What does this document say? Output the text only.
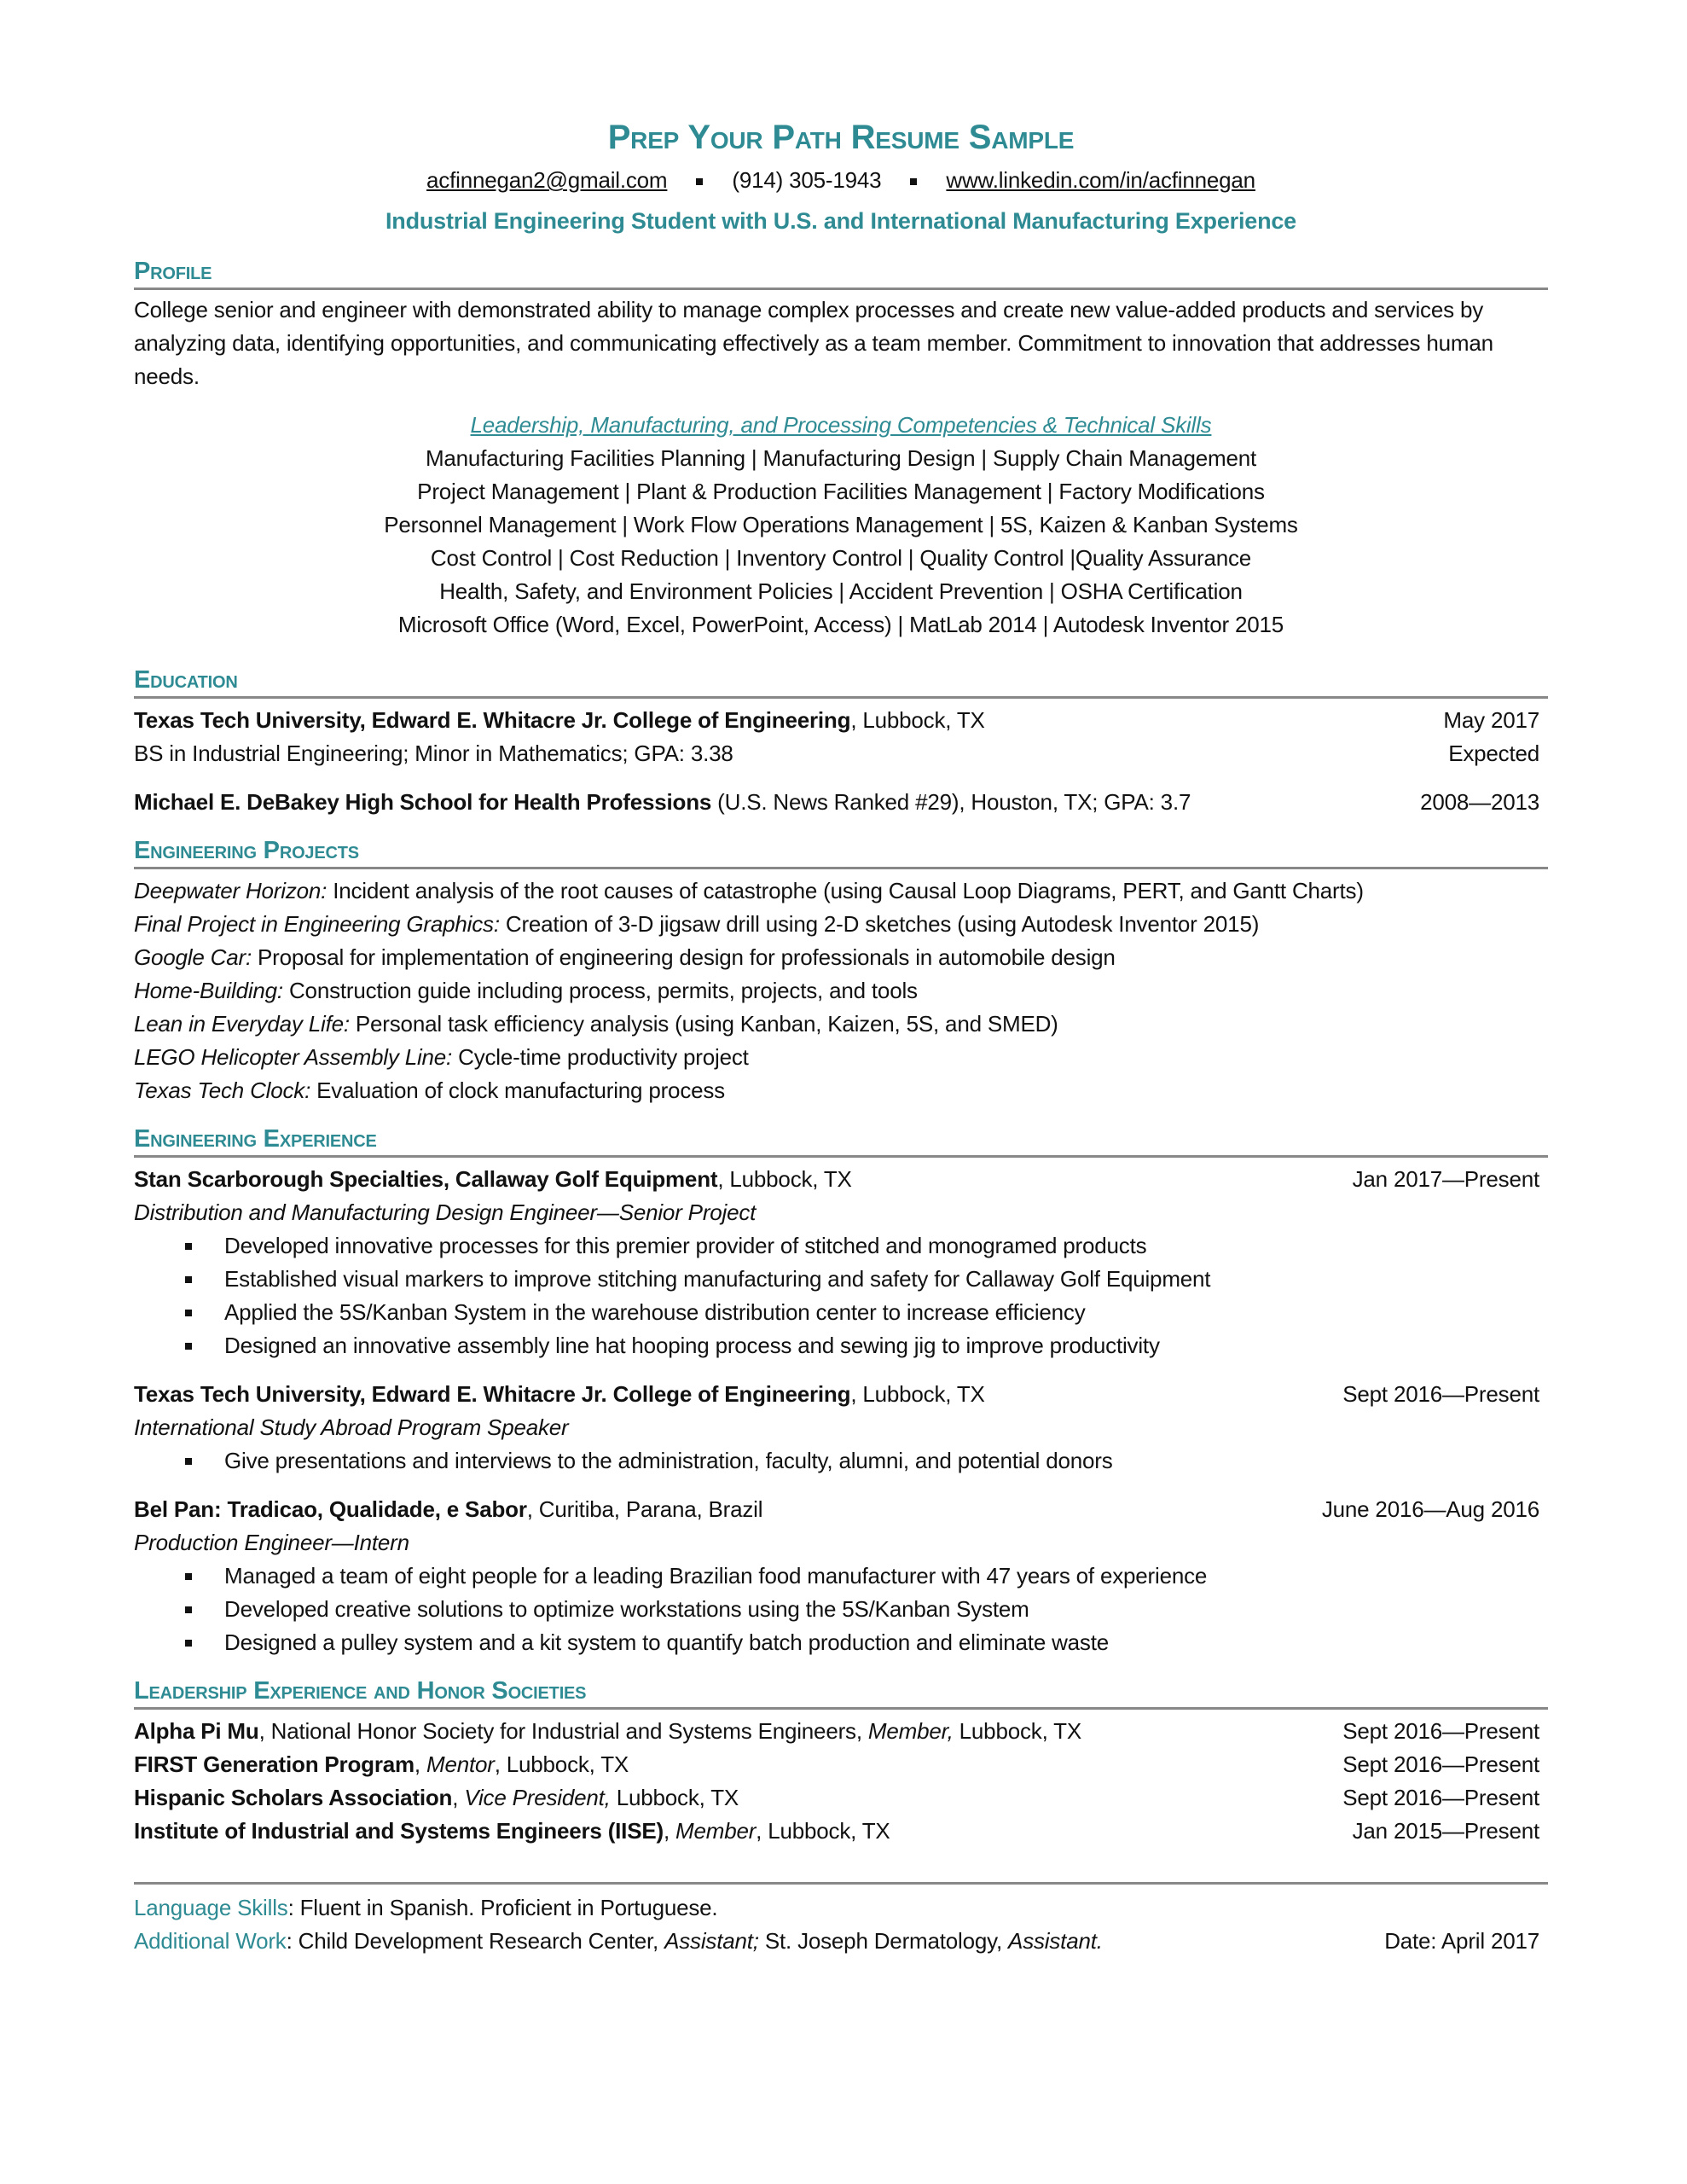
Prep Your Path Resume Sample
acfinnegan2@gmail.com	(914) 305-1943	www.linkedin.com/in/acfinnegan
Industrial Engineering Student with U.S. and International Manufacturing Experience
Profile
College senior and engineer with demonstrated ability to manage complex processes and create new value-added products and services by analyzing data, identifying opportunities, and communicating effectively as a team member. Commitment to innovation that addresses human needs.
Leadership, Manufacturing, and Processing Competencies & Technical Skills
Manufacturing Facilities Planning | Manufacturing Design | Supply Chain Management
Project Management | Plant & Production Facilities Management | Factory Modifications
Personnel Management | Work Flow Operations Management | 5S, Kaizen & Kanban Systems
Cost Control | Cost Reduction | Inventory Control | Quality Control |Quality Assurance
Health, Safety, and Environment Policies | Accident Prevention | OSHA Certification
Microsoft Office (Word, Excel, PowerPoint, Access) | MatLab 2014 | Autodesk Inventor 2015
Education
Texas Tech University, Edward E. Whitacre Jr. College of Engineering, Lubbock, TX	May 2017
BS in Industrial Engineering; Minor in Mathematics; GPA: 3.38	Expected
Michael E. DeBakey High School for Health Professions (U.S. News Ranked #29), Houston, TX; GPA: 3.7	2008—2013
Engineering Projects
Deepwater Horizon: Incident analysis of the root causes of catastrophe (using Causal Loop Diagrams, PERT, and Gantt Charts)
Final Project in Engineering Graphics: Creation of 3-D jigsaw drill using 2-D sketches (using Autodesk Inventor 2015)
Google Car: Proposal for implementation of engineering design for professionals in automobile design
Home-Building: Construction guide including process, permits, projects, and tools
Lean in Everyday Life: Personal task efficiency analysis (using Kanban, Kaizen, 5S, and SMED)
LEGO Helicopter Assembly Line: Cycle-time productivity project
Texas Tech Clock: Evaluation of clock manufacturing process
Engineering Experience
Stan Scarborough Specialties, Callaway Golf Equipment, Lubbock, TX	Jan 2017—Present
Distribution and Manufacturing Design Engineer—Senior Project
Developed innovative processes for this premier provider of stitched and monogramed products
Established visual markers to improve stitching manufacturing and safety for Callaway Golf Equipment
Applied the 5S/Kanban System in the warehouse distribution center to increase efficiency
Designed an innovative assembly line hat hooping process and sewing jig to improve productivity
Texas Tech University, Edward E. Whitacre Jr. College of Engineering, Lubbock, TX	Sept 2016—Present
International Study Abroad Program Speaker
Give presentations and interviews to the administration, faculty, alumni, and potential donors
Bel Pan: Tradicao, Qualidade, e Sabor, Curitiba, Parana, Brazil	June 2016—Aug 2016
Production Engineer—Intern
Managed a team of eight people for a leading Brazilian food manufacturer with 47 years of experience
Developed creative solutions to optimize workstations using the 5S/Kanban System
Designed a pulley system and a kit system to quantify batch production and eliminate waste
Leadership Experience and Honor Societies
Alpha Pi Mu, National Honor Society for Industrial and Systems Engineers, Member, Lubbock, TX	Sept 2016—Present
FIRST Generation Program, Mentor, Lubbock, TX	Sept 2016—Present
Hispanic Scholars Association, Vice President, Lubbock, TX	Sept 2016—Present
Institute of Industrial and Systems Engineers (IISE), Member, Lubbock, TX	Jan 2015—Present
Language Skills: Fluent in Spanish. Proficient in Portuguese.
Additional Work: Child Development Research Center, Assistant; St. Joseph Dermatology, Assistant.	Date: April 2017
